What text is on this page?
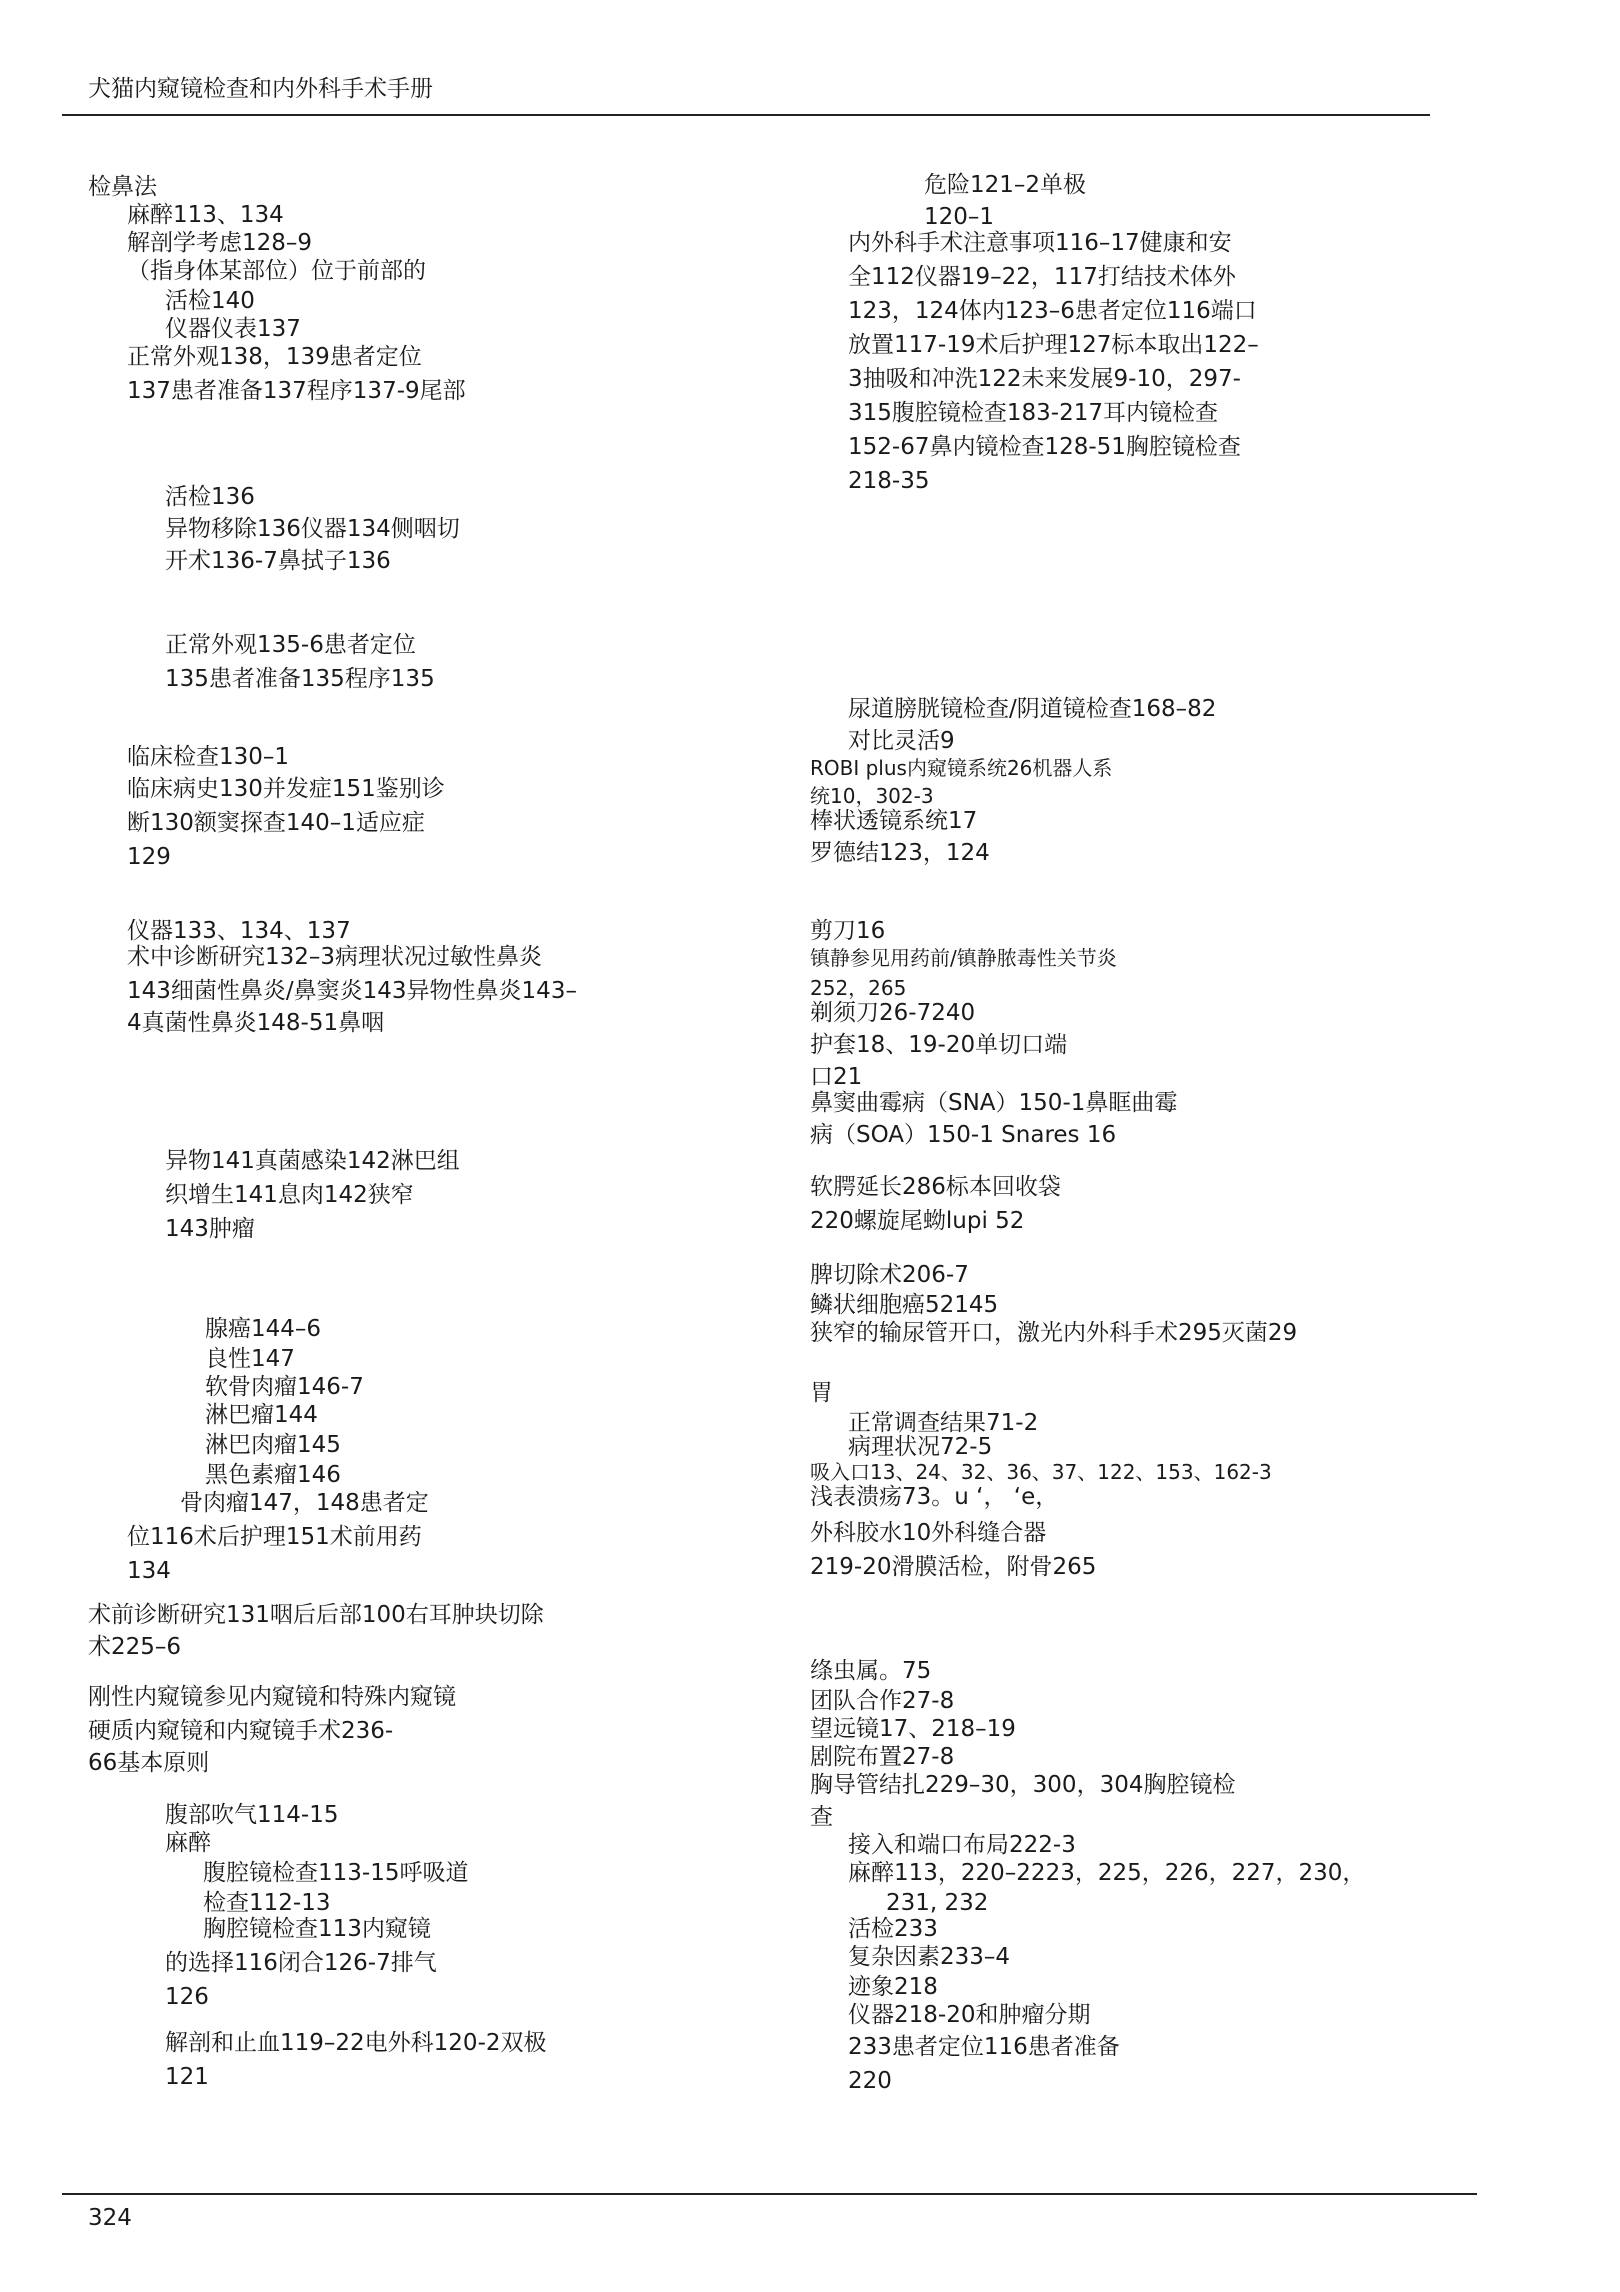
犬猫内窥镜检查和内外科手术手册
检鼻法
麻醉113、134
解剖学考虑128–9
（指身体某部位）位于前部的
活检140
仪器仪表137
正常外观138，139患者定位
137患者准备137程序137-9尾部
活检136
异物移除136仪器134侧咽切
开术136-7鼻拭子136
正常外观135-6患者定位
135患者准备135程序135
临床检查130–1
临床病史130并发症151鉴别诊
断130额窦探查140–1适应症
129
仪器133、134、137
术中诊断研究132–3病理状况过敏性鼻炎
143细菌性鼻炎/鼻窦炎143异物性鼻炎143–
4真菌性鼻炎148-51鼻咽
异物141真菌感染142淋巴组
织增生141息肉142狭窄
143肿瘤
腺癌144–6
良性147
软骨肉瘤146-7
淋巴瘤144
淋巴肉瘤145
黑色素瘤146
骨肉瘤147，148患者定
位116术后护理151术前用药
134
术前诊断研究131咽后后部100右耳肿块切除
术225–6
刚性内窥镜参见内窥镜和特殊内窥镜
硬质内窥镜和内窥镜手术236-
66基本原则
腹部吹气114-15
麻醉
腹腔镜检查113-15呼吸道
检查112-13
胸腔镜检查113内窥镜
的选择116闭合126-7排气
126
解剖和止血119–22电外科120-2双极
121
危险121–2单极
120–1
内外科手术注意事项116–17健康和安
全112仪器19–22，117打结技术体外
123，124体内123–6患者定位116端口
放置117-19术后护理127标本取出122–
3抽吸和冲洗122未来发展9-10，297-
315腹腔镜检查183-217耳内镜检查
152-67鼻内镜检查128-51胸腔镜检查
218-35
尿道膀胱镜检查/阴道镜检查168–82
对比灵活9
ROBI plus内窥镜系统26机器人系
统10，302-3
棒状透镜系统17
罗德结123，124
剪刀16
镇静参见用药前/镇静脓毒性关节炎
252，265
剃须刀26-7240
护套18、19-20单切口端
口21
鼻窦曲霉病（SNA）150-1鼻眶曲霉
病（SOA）150-1 Snares 16
软腭延长286标本回收袋
220螺旋尾蚴lupi 52
脾切除术206-7
鳞状细胞癌52145
狭窄的输尿管开口，激光内外科手术295灭菌29
胃
正常调查结果71-2
病理状况72-5
吸入口13、24、32、36、37、122、153、162-3
浅表溃疡73。u ‘， ‘e，
外科胶水10外科缝合器
219-20滑膜活检，附骨265
绦虫属。75
团队合作27-8
望远镜17、218–19
剧院布置27-8
胸导管结扎229–30，300，304胸腔镜检
查
接入和端口布局222-3
麻醉113，220–2223，225，226，227，230，
231, 232
活检233
复杂因素233–4
迹象218
仪器218-20和肿瘤分期
233患者定位116患者准备
220
324
